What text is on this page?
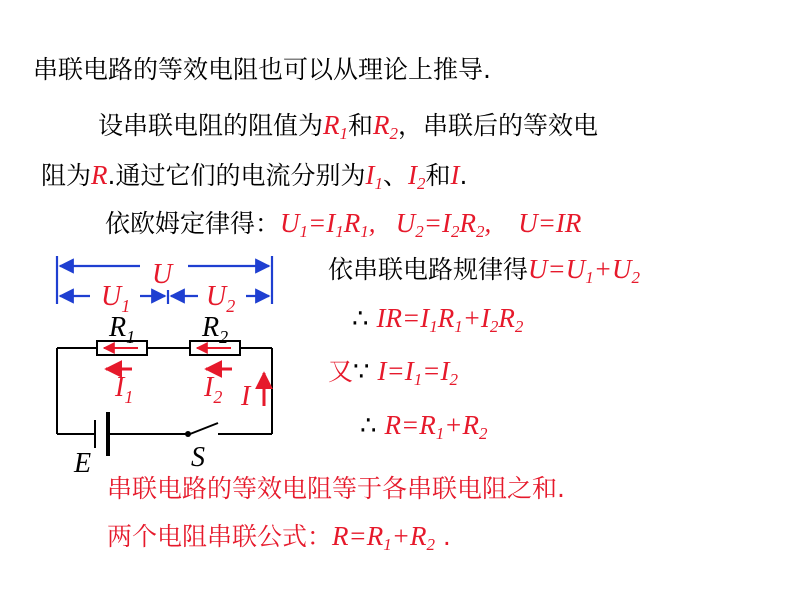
串联电路的等效电阻也可以从理论上推导.
设串联电阻的阻值为$R_1$和$R_2$，串联后的等效电
阻为R.通过它们的电流分别为$I_1$、$I_2$和I.
依欧姆定律得：$U_1=I_1R_1$,   $U_2=I_2R_2$,    U=IR
依串联电路规律得$U=U_1+U_2$
∴ $IR=I_1R_1+I_2R_2$
又∵ $I=I_1=I_2$
∴ $R=R_1+R_2$
串联电路的等效电阻等于各串联电阻之和.
两个电阻串联公式：$R=R_1+R_2$ .
U
$U_1$	$U_2$
$R_1$ $R_2$
$I_1$	$I_2$ I
E	S
